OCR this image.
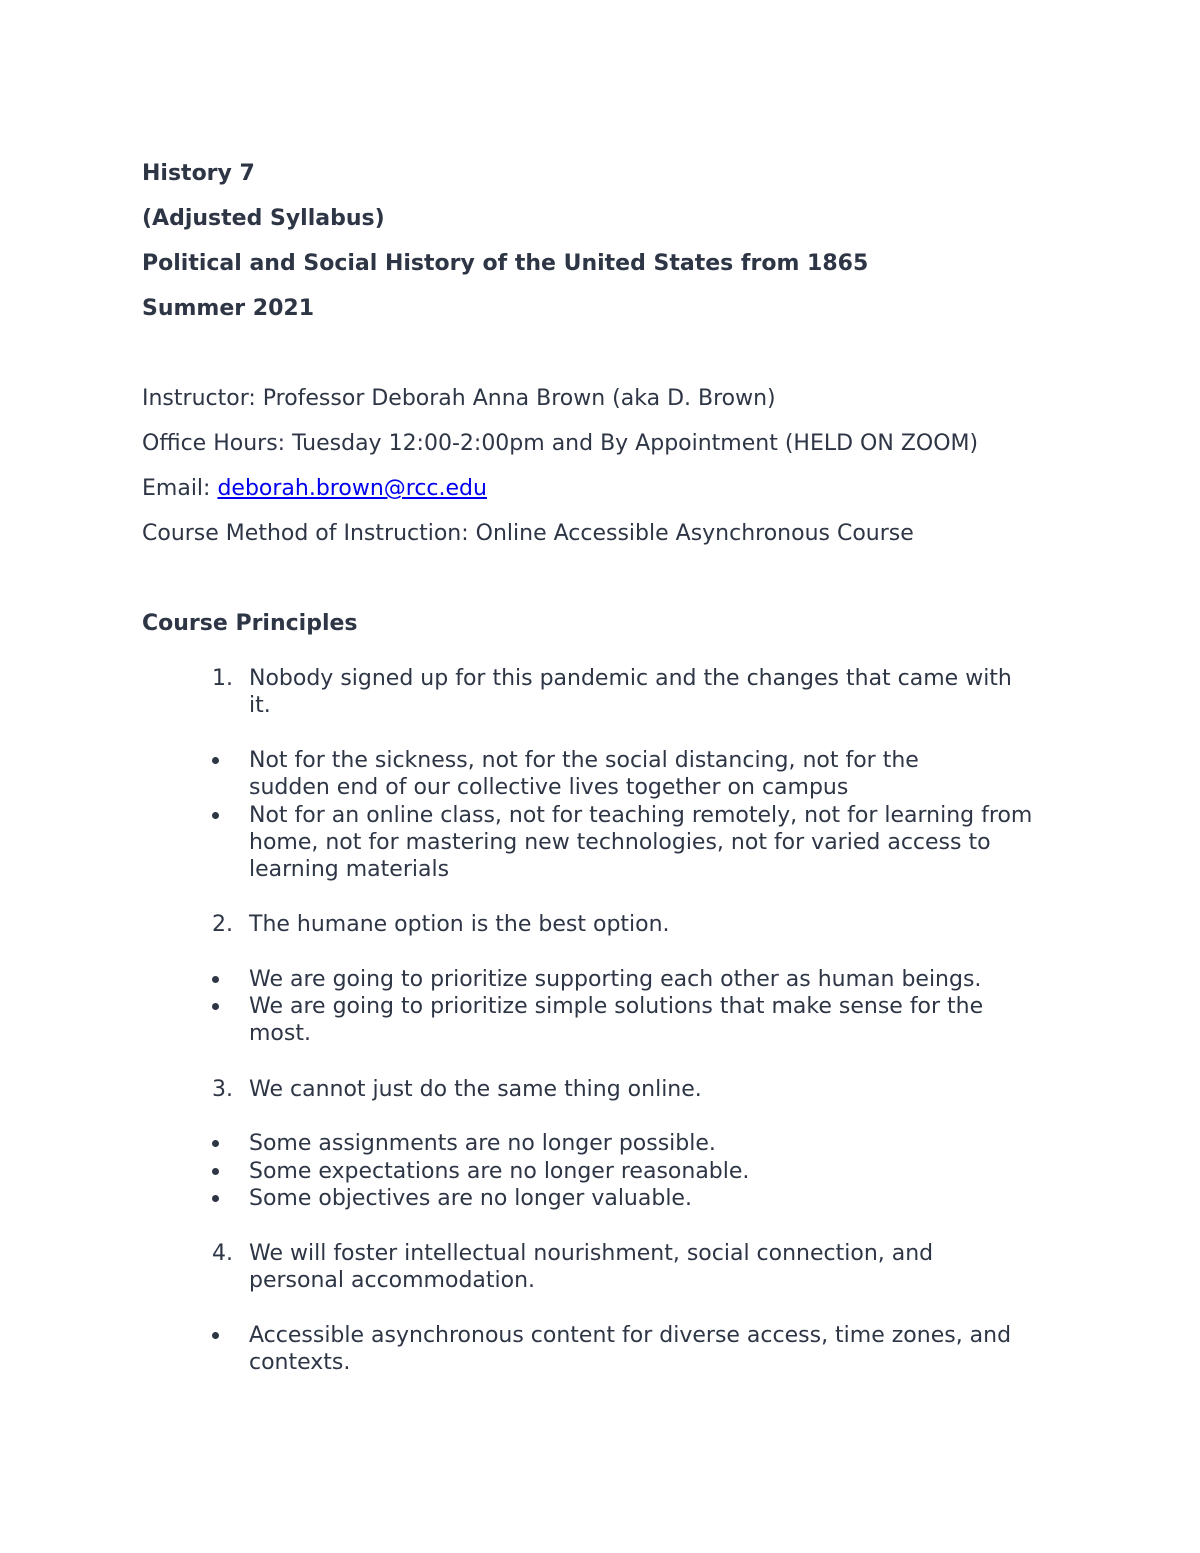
History 7

(Adjusted Syllabus)

Political and Social History of the United States from 1865

Summer 2021

Instructor: Professor Deborah Anna Brown (aka D. Brown)

Office Hours: Tuesday 12:00-2:00pm and By Appointment (HELD ON ZOOM)

Email: deborah.brown@rcc.edu

Course Method of Instruction: Online Accessible Asynchronous Course

Course Principles

1. Nobody signed up for this pandemic and the changes that came with it.

Not for the sickness, not for the social distancing, not for the sudden end of our collective lives together on campus

Not for an online class, not for teaching remotely, not for learning from home, not for mastering new technologies, not for varied access to learning materials

2. The humane option is the best option.

We are going to prioritize supporting each other as human beings.

We are going to prioritize simple solutions that make sense for the most.

3. We cannot just do the same thing online.

Some assignments are no longer possible.

Some expectations are no longer reasonable.

Some objectives are no longer valuable.

4. We will foster intellectual nourishment, social connection, and personal accommodation.

Accessible asynchronous content for diverse access, time zones, and contexts.
